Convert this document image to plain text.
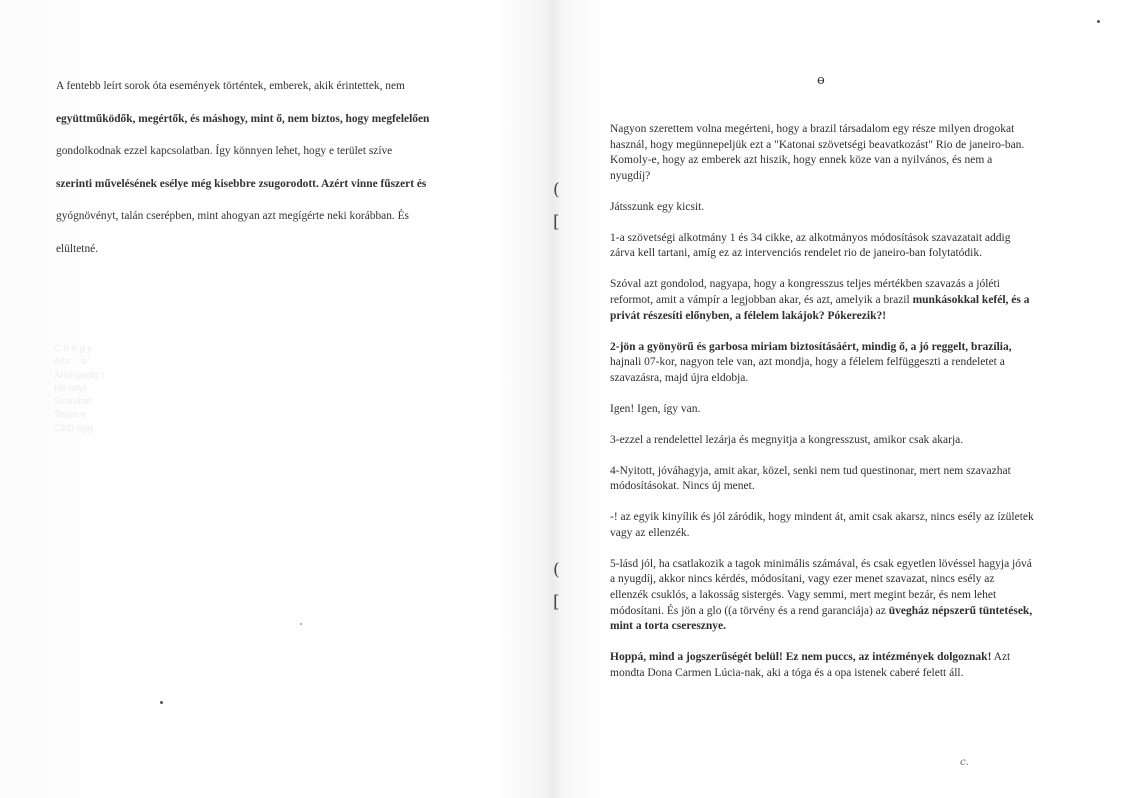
A fentebb leírt sorok óta események történtek, emberek, akik érintettek, nem

együttműködők, megértők, és máshogy, mint ő, nem biztos, hogy megfelelően

gondolkodnak ezzel kapcsolatban. Így könnyen lehet, hogy e terület szíve

szerinti művelésének esélye még kisebbre zsugorodott. Azért vinne fűszert és

gyógnövényt, talán cserépben, mint ahogyan azt megígérte neki korábban. És

elültetné.

C h e g y
Asz .. si
Ahol pedig t
Hő folyt
Szombat
Teljes e
CBD égg
ɵ

Nagyon szerettem volna megérteni, hogy a brazil társadalom egy része milyen drogokat használ, hogy megünnepeljük ezt a "Katonai szövetségi beavatkozást" Rio de janeiro-ban. Komoly-e, hogy az emberek azt hiszik, hogy ennek köze van a nyilvános, és nem a nyugdíj?

Játsszunk egy kicsit.

1-a szövetségi alkotmány 1 és 34 cikke, az alkotmányos módosítások szavazatait addig zárva kell tartani, amíg ez az intervenciós rendelet rio de janeiro-ban folytatódik.

Szóval azt gondolod, nagyapa, hogy a kongresszus teljes mértékben szavazás a jóléti reformot, amit a vámpír a legjobban akar, és azt, amelyik a brazil munkásokkal kefél, és a privát részesíti előnyben, a félelem lakájok? Pókerezik?!

2-jön a gyönyörű és garbosa miriam biztosításáért, mindig ő, a jó reggelt, brazília, hajnali 07-kor, nagyon tele van, azt mondja, hogy a félelem felfüggeszti a rendeletet a szavazásra, majd újra eldobja.

Igen! Igen, így van.

3-ezzel a rendelettel lezárja és megnyitja a kongresszust, amikor csak akarja.

4-Nyitott, jóváhagyja, amit akar, közel, senki nem tud questinonar, mert nem szavazhat módosításokat. Nincs új menet.

-! az egyik kinyílik és jól záródik, hogy mindent át, amit csak akarsz, nincs esély az ízületek vagy az ellenzék.

5-lásd jól, ha csatlakozik a tagok minimális számával, és csak egyetlen lövéssel hagyja jóvá a nyugdíj, akkor nincs kérdés, módosítani, vagy ezer menet szavazat, nincs esély az ellenzék csuklós, a lakosság sistergés. Vagy semmi, mert megint bezár, és nem lehet módosítani. És jön a glo ((a törvény és a rend garanciája) az üvegház népszerű tüntetések, mint a torta cseresznye.

Hoppá, mind a jogszerűségét belül! Ez nem puccs, az intézmények dolgoznak! Azt mondta Dona Carmen Lúcia-nak, aki a tóga és a opa istenek caberé felett áll.

(
[
(
[
c.
